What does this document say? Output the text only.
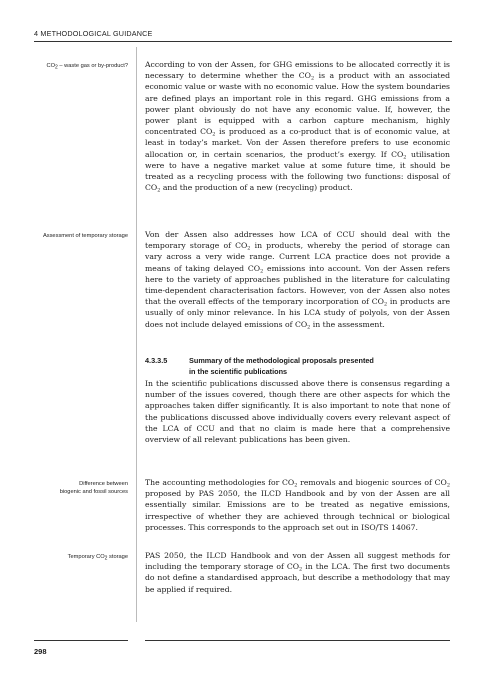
4 METHODOLOGICAL GUIDANCE
$CO_2$ – waste gas or by-product?
Assessment of temporary storage
Difference between
biogenic and fossil sources
Temporary $CO_2$ storage

According to von der Assen, for GHG emissions to be allocated correctly it is necessary to determine whether the $CO_2$ is a product with an associated economic value or waste with no economic value. How the system boundaries are defined plays an important role in this regard. GHG emissions from a power plant obviously do not have any economic value. If, however, the power plant is equipped with a carbon capture mechanism, highly concentrated $CO_2$ is produced as a co-product that is of economic value, at least in today’s market. Von der Assen therefore prefers to use economic allocation or, in certain scenarios, the product’s exergy. If $CO_2$ utilisation were to have a negative market value at some future time, it should be treated as a recycling process with the following two functions: disposal of $CO_2$ and the production of a new (recycling) product.

Von der Assen also addresses how LCA of CCU should deal with the temporary storage of $CO_2$ in products, whereby the period of storage can vary across a very wide range. Current LCA practice does not provide a means of taking delayed $CO_2$ emissions into account. Von der Assen refers here to the variety of approaches published in the literature for calculating time-dependent characterisation factors. However, von der Assen also notes that the overall effects of the temporary incorporation of $CO_2$ in products are usually of only minor relevance. In his LCA study of polyols, von der Assen does not include delayed emissions of $CO_2$ in the assessment.

4.3.3.5	Summary of the methodological proposals presented
in the scientific publications

In the scientific publications discussed above there is consensus regarding a number of the issues covered, though there are other aspects for which the approaches taken differ significantly. It is also important to note that none of the publications discussed above individually covers every relevant aspect of the LCA of CCU and that no claim is made here that a comprehensive overview of all relevant publications has been given.

The accounting methodologies for $CO_2$ removals and biogenic sources of $CO_2$ proposed by PAS 2050, the ILCD Handbook and by von der Assen are all essentially similar. Emissions are to be treated as negative emissions, irrespective of whether they are achieved through technical or biological processes. This corresponds to the approach set out in ISO/TS 14067.

PAS 2050, the ILCD Handbook and von der Assen all suggest methods for including the temporary storage of $CO_2$ in the LCA. The first two documents do not define a standardised approach, but describe a methodology that may be applied if required.

298
